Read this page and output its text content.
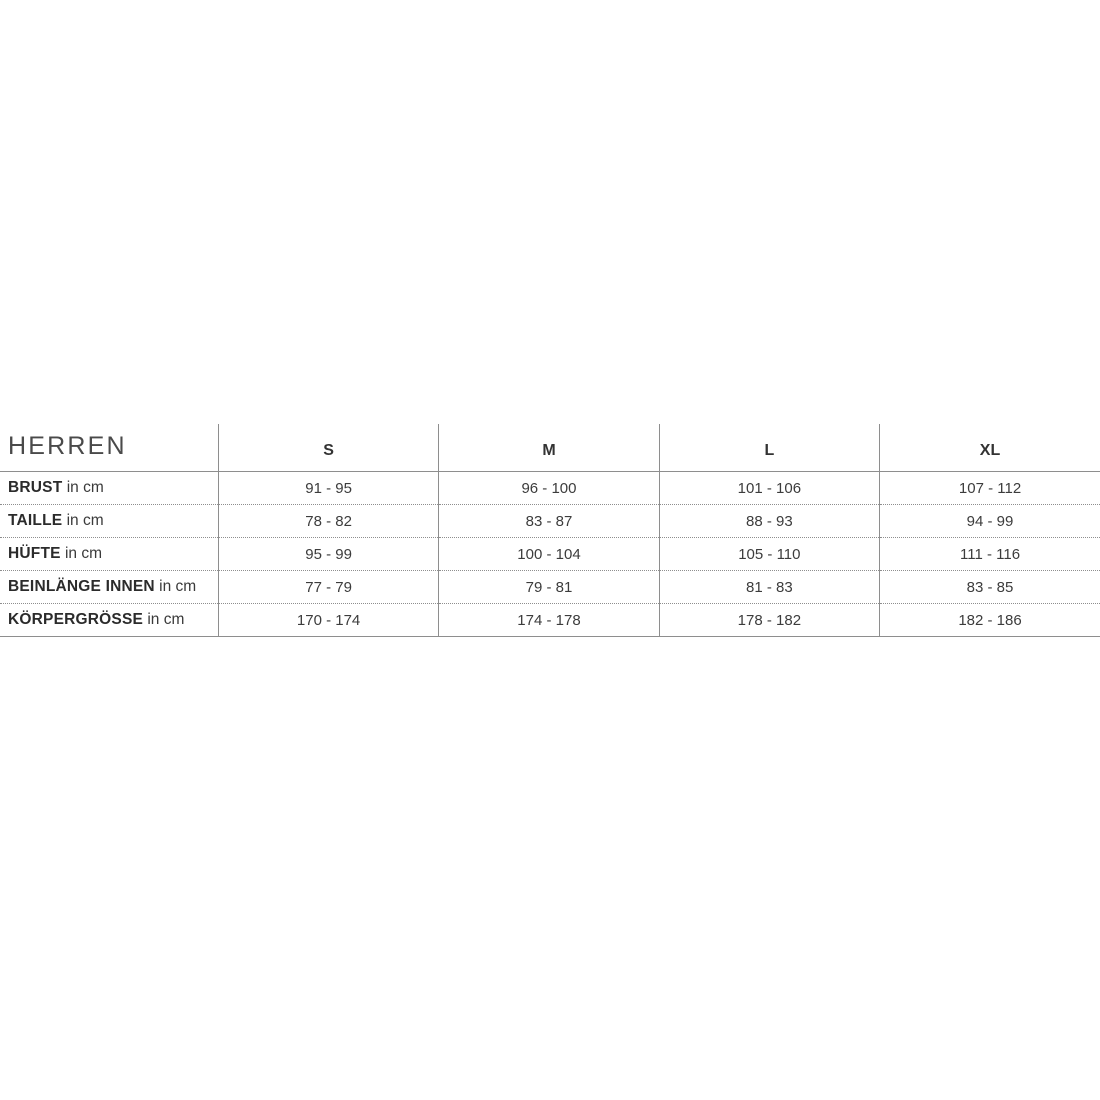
HERREN	S	M	L	XL
BRUST in cm	91 - 95	96 - 100	101 - 106	107 - 112
TAILLE in cm	78 - 82	83 - 87	88 - 93	94 - 99
HÜFTE in cm	95 - 99	100 - 104	105 - 110	111 - 116
BEINLÄNGE INNEN in cm	77 - 79	79 - 81	81 - 83	83 - 85
KÖRPERGRÖSSE in cm	170 - 174	174 - 178	178 - 182	182 - 186
